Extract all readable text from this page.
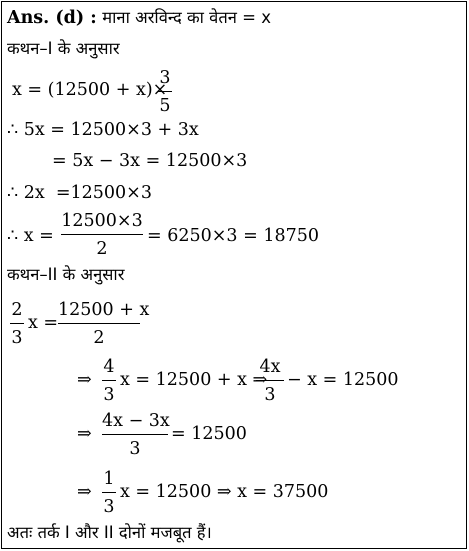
Ans. (d) : माना अरविन्द का वेतन = x
कथन–I के अनुसार
x = (12500 + x)×
3
5
∴ 5x = 12500×3 + 3x
= 5x − 3x = 12500×3
∴ 2x  =12500×3
∴ x =
12500×3
2
= 6250×3 = 18750
कथन–II के अनुसार
2
3
x =
12500 + x
2
⇒
4
3
x = 12500 + x ⇒
4x
3
− x = 12500
⇒
4x − 3x
3
= 12500
⇒
1
3
x = 12500 ⇒ x = 37500
अतः तर्क I और II दोनों मजबूत हैं।
